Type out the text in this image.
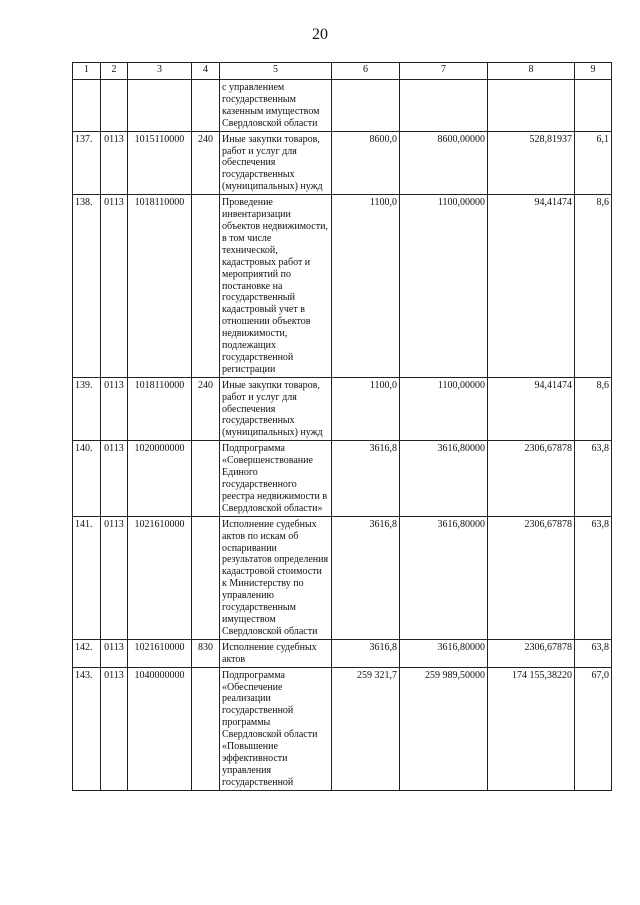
20
1	2	3	4	5	6	7	8	9
				с управлением государственным казенным имуществом Свердловской области				
137.	0113	1015110000	240	Иные закупки товаров, работ и услуг для обеспечения государственных (муниципальных) нужд	8600,0	8600,00000	528,81937	6,1
138.	0113	1018110000		Проведение инвентаризации объектов недвижимости, в том числе технической, кадастровых работ и мероприятий по постановке на государственный кадастровый учет в отношении объектов недвижимости, подлежащих государственной регистрации	1100,0	1100,00000	94,41474	8,6
139.	0113	1018110000	240	Иные закупки товаров, работ и услуг для обеспечения государственных (муниципальных) нужд	1100,0	1100,00000	94,41474	8,6
140.	0113	1020000000		Подпрограмма «Совершенствование Единого государственного реестра недвижимости в Свердловской области»	3616,8	3616,80000	2306,67878	63,8
141.	0113	1021610000		Исполнение судебных актов по искам об оспаривании результатов определения кадастровой стоимости к Министерству по управлению государственным имуществом Свердловской области	3616,8	3616,80000	2306,67878	63,8
142.	0113	1021610000	830	Исполнение судебных актов	3616,8	3616,80000	2306,67878	63,8
143.	0113	1040000000		Подпрограмма «Обеспечение реализации государственной программы Свердловской области «Повышение эффективности управления государственной	259 321,7	259 989,50000	174 155,38220	67,0
